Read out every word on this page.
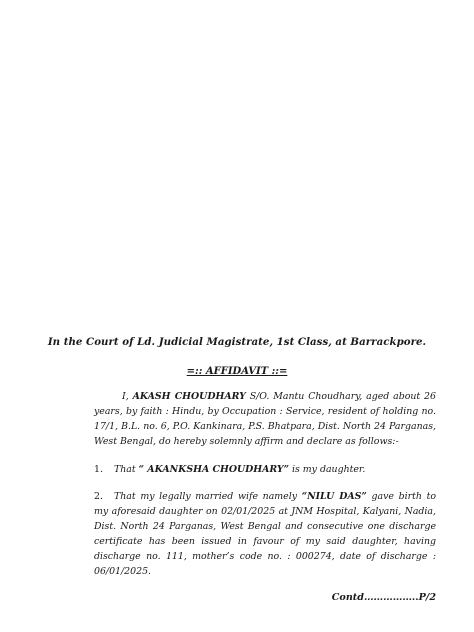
In the Court of Ld. Judicial Magistrate, 1st Class, at Barrackpore.
=:: AFFIDAVIT ::=
I, AKASH CHOUDHARY S/O. Mantu Choudhary, aged about 26 years, by faith : Hindu, by Occupation : Service, resident of holding no. 17/1, B.L. no. 6, P.O. Kankinara, P.S. Bhatpara, Dist. North 24 Parganas, West Bengal, do hereby solemnly affirm and declare as follows:-
1. That “ AKANKSHA CHOUDHARY” is my daughter.
2. That my legally married wife namely “NILU DAS” gave birth to my aforesaid daughter on 02/01/2025 at JNM Hospital, Kalyani, Nadia, Dist. North 24 Parganas, West Bengal and consecutive one discharge certificate has been issued in favour of my said daughter, having discharge no. 111, mother’s code no. : 000274, date of discharge : 06/01/2025.
Contd……………..P/2
